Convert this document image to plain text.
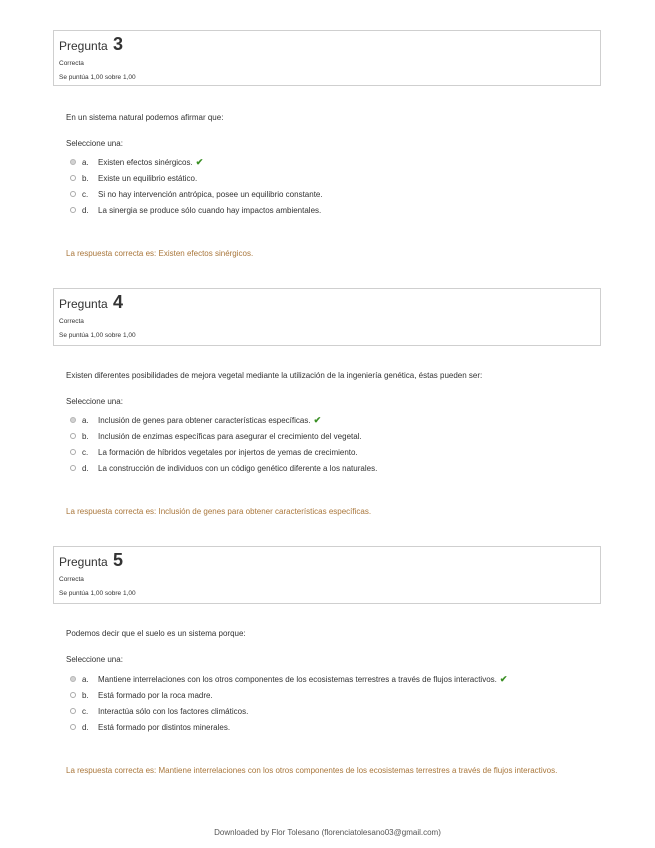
Pregunta 3
Correcta
Se puntúa 1,00 sobre 1,00
En un sistema natural podemos afirmar que:
Seleccione una:
a.	Existen efectos sinérgicos. ✔
b.	Existe un equilibrio estático.
c.	Si no hay intervención antrópica, posee un equilibrio constante.
d.	La sinergia se produce sólo cuando hay impactos ambientales.
La respuesta correcta es: Existen efectos sinérgicos.
Pregunta 4
Correcta
Se puntúa 1,00 sobre 1,00
Existen diferentes posibilidades de mejora vegetal mediante la utilización de la ingeniería genética, éstas pueden ser:
Seleccione una:
a.	Inclusión de genes para obtener características específicas. ✔
b.	Inclusión de enzimas específicas para asegurar el crecimiento del vegetal.
c.	La formación de híbridos vegetales por injertos de yemas de crecimiento.
d.	La construcción de individuos con un código genético diferente a los naturales.
La respuesta correcta es: Inclusión de genes para obtener características específicas.
Pregunta 5
Correcta
Se puntúa 1,00 sobre 1,00
Podemos decir que el suelo es un sistema porque:
Seleccione una:
a.	Mantiene interrelaciones con los otros componentes de los ecosistemas terrestres a través de flujos interactivos. ✔
b.	Está formado por la roca madre.
c.	Interactúa sólo con los factores climáticos.
d.	Está formado por distintos minerales.
La respuesta correcta es: Mantiene interrelaciones con los otros componentes de los ecosistemas terrestres a través de flujos interactivos.
Downloaded by Flor Tolesano (florenciatolesano03@gmail.com)
